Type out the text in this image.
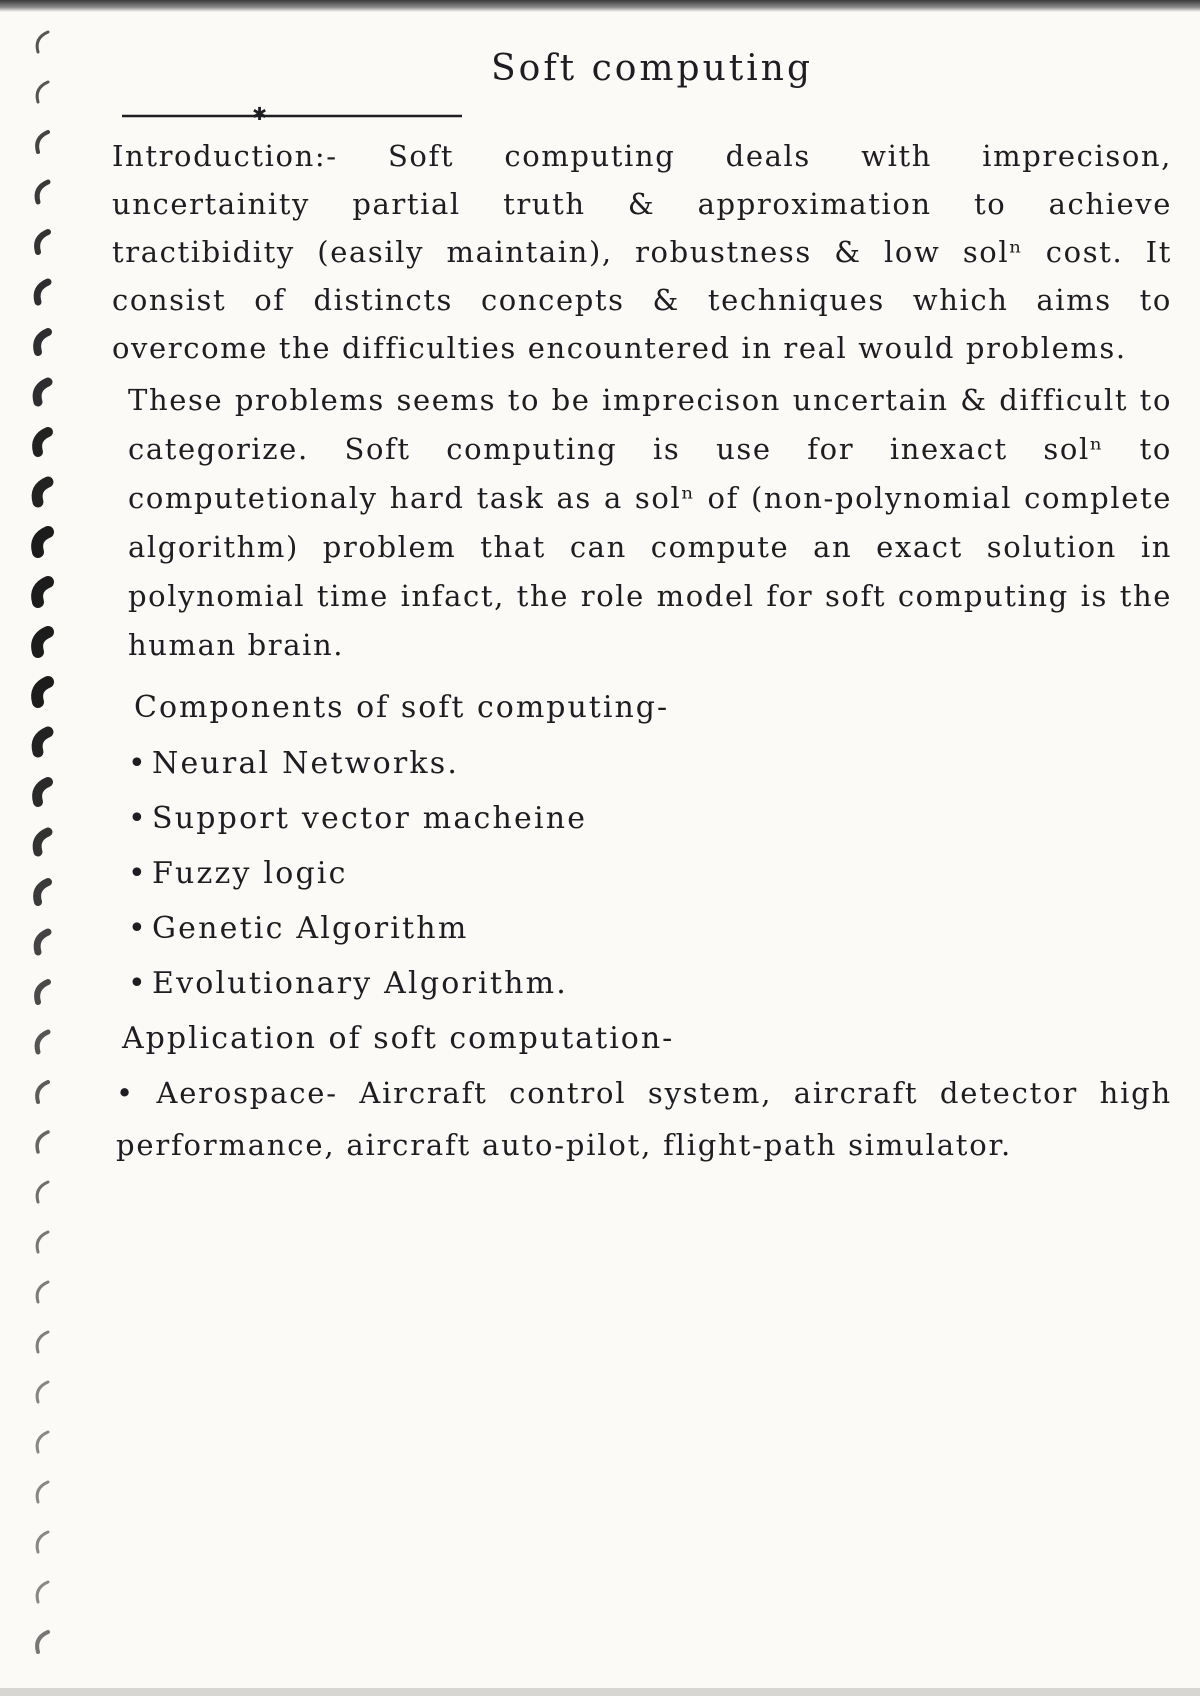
Soft computing
✱
Introduction:- Soft computing deals with imprecison, uncertainity partial truth & approximation to achieve tractibidity (easily maintain), robustness & low solⁿ cost. It consist of distincts concepts & techniques which aims to overcome the difficulties encountered in real would problems.
These problems seems to be imprecison uncertain & difficult to categorize. Soft computing is use for inexact solⁿ to computetionaly hard task as a solⁿ of (non-polynomial complete algorithm) problem that can compute an exact solution in polynomial time infact, the role model for soft computing is the human brain.
Components of soft computing-
• Neural Networks.
• Support vector macheine
• Fuzzy logic
• Genetic Algorithm
• Evolutionary Algorithm.
Application of soft computation-
• Aerospace- Aircraft control system, aircraft detector high performance, aircraft auto-pilot, flight-path simulator.
